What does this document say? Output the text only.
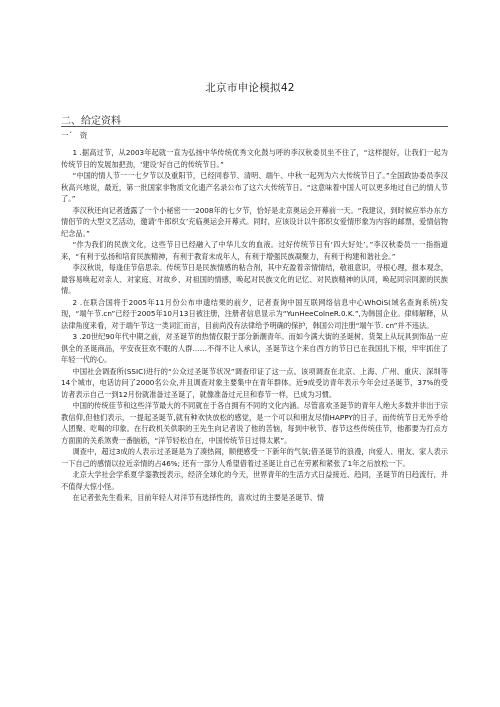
北京市申论模拟42
二、给定资料
一ˊ　资

1 .据高过节，从2003年起就一直为弘扬中华传统优秀文化鼓与呼的李汉秋委员坐不住了，“这样提好，让我们一起为传统节日的发展加把劲，‘建设’好自己的传统节日。”

“中国的情人节一一七夕节以及重阳节，已经同春节、清明、端午、中秋一起列为六大传统节日了。”全国政协委员李汉秋高兴地说，最近，第一批国家非物质文化遗产名录公布了这六大传统节日。“这意味着中国人可以更多地过自己的情人节了。”

李汉秋还向记者透露了一个小秘密一一2008年的七夕节，恰好是北京奥运会开幕前一天。“我建议，到时候应举办东方情侣节的大型文艺活动，邀请‘牛郎织女’充临奥运会开幕式。同时，应该设计以牛郎织女爱情形象为内容的邮票，爱情信物纪念品。”

“作为我们的民族文化，这些节日已经融入了中华儿女的血液。过好传统节日有‘四大好处’。”李汉秋委员一一指指道来，“有利于弘扬和培育民族精神，有利于教育未成年人，有利于增强民族凝聚力，有利于构建和谐社会。”

李汉秋说，每逢佳节倍思亲。传统节日是民族情感的粘合剂，其中充盈着亲情情结，敬祖意识，寻根心理，报本观念，最容易唤起对亲人、对家庭、对故乡、对祖国的情感，唤起对民族文化的记忆、对民族精神的认同，唤起同宗同源的民族情。

2 .在联合国将于2005年11月份公布申遗结果的前夕，记者查询中国互联网络信息中心WhOiS(域名查询系统)发现，“端午节.cn”已经于2005年10月13日被注册，注册者信息显示为“YunHeeColneR.0.K.”,为韩国企业。律师解释，从法律角度来看，对于端午节这一类词汇而言，目前尚没有法律给予明确的保护，韩国公司注册“端午节. cn”并不违法。

3 .20世纪90年代中期之前，对圣诞节的热情仅限于部分新潮青年。而如今满大街的圣诞树、货架上从玩具到饰品一应俱全的圣诞商品，平安夜狂欢不眠的人群……不得不让人承认，圣诞节这个来自西方的节日已在我国扎下根，牢牢抓住了年轻一代的心。

中国社会调查所(SSIC)进行的“公众过圣诞节状况”调查印证了这一点。该项调查在北京、上海、广州、重庆、深圳等14个城市，电话访问了2000名公众,并且调查对象主要集中在青年群体。近9成受访青年表示今年会过圣诞节，37%的受访者表示自己一到12月份就准备过圣诞了，就像准备过元旦和春节一样，已成为习惯。

中国的传统佳节和这些洋节最大的不同就在于各自拥有不同的文化内涵。尽管喜欢圣诞节的青年人绝大多数并非出于宗教信仰,但他们表示，一提起圣诞节,就有种欢快放松的感觉，是一个可以和朋友尽情HAPPY的日子，而传统节日无外乎给人团聚、吃喝的印象。在行政机关供职的王先生向记者说了他的苦恼，每到中秋节、春节这些传统佳节，他都要为打点方方面面的关系煞费一番脑筋，“洋节轻松自在，中国传统节日过得太累”。

调查中，超过3成的人表示过圣诞是为了凑热闹，顺便感受一下新年的气氛;借圣诞节的浪漫，向爱人、朋友、家人表示一下自己的感情以拉近亲情的占46%; 还有一部分人希望借着过圣诞让自己在劳累和紧张了1年之后放松一下。

北京大学社会学系夏学銮教授表示，经济全球化的今天，世界青年的生活方式日益接近、趋同，圣诞节的日趋流行，并不值得大惊小怪。

在记者张先生看来，目前年轻人对洋节有选择性的，喜欢过的主要是圣诞节、情
